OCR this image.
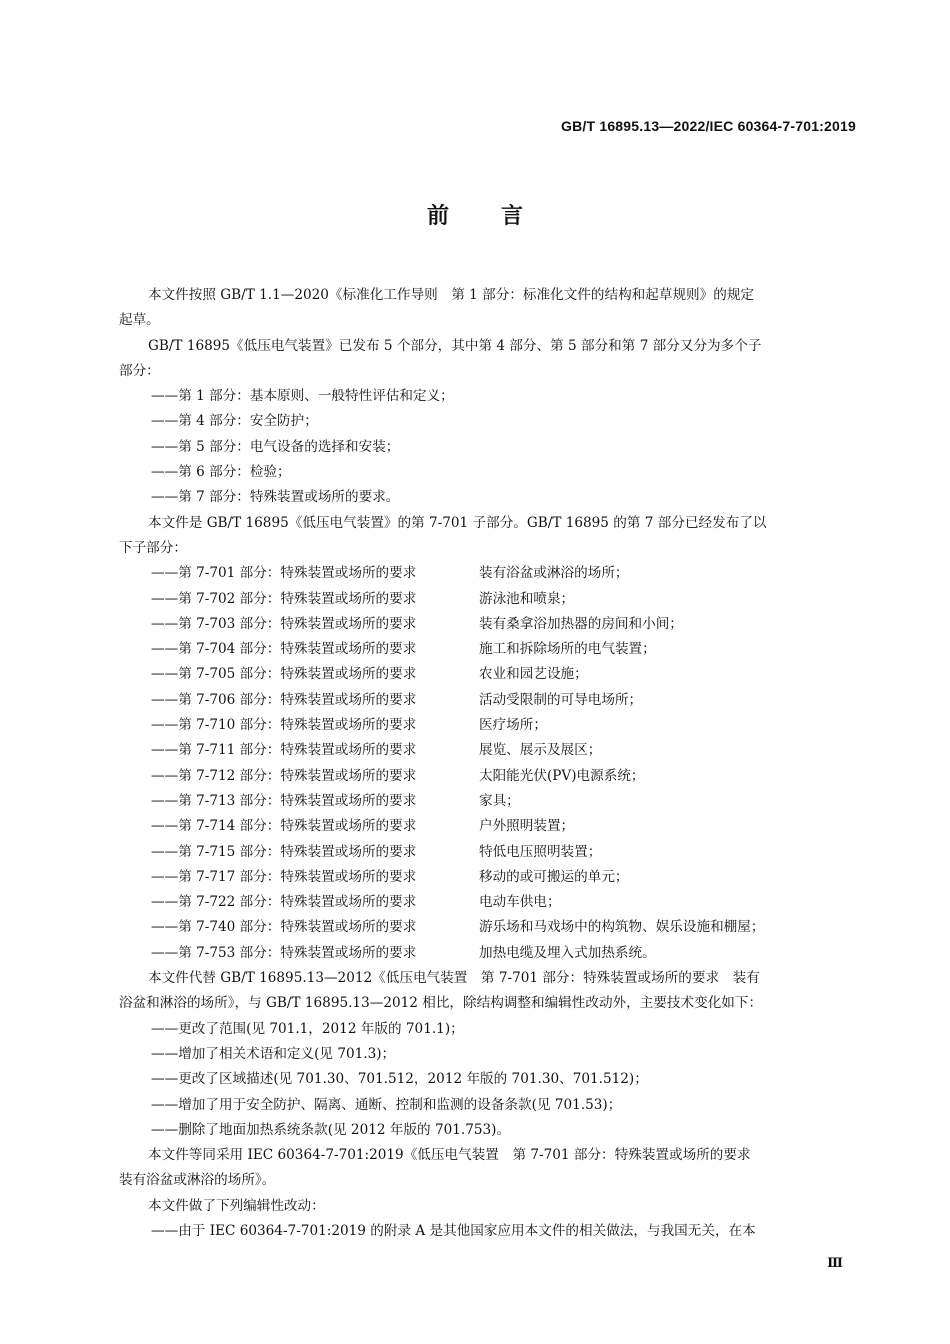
GB/T 16895.13—2022/IEC 60364-7-701:2019
前言
本文件按照 GB/T 1.1—2020《标准化工作导则　第 1 部分：标准化文件的结构和起草规则》的规定
起草。
GB/T 16895《低压电气装置》已发布 5 个部分，其中第 4 部分、第 5 部分和第 7 部分又分为多个子
部分：
——第 1 部分：基本原则、一般特性评估和定义；
——第 4 部分：安全防护；
——第 5 部分：电气设备的选择和安装；
——第 6 部分：检验；
——第 7 部分：特殊装置或场所的要求。
本文件是 GB/T 16895《低压电气装置》的第 7-701 子部分。GB/T 16895 的第 7 部分已经发布了以
下子部分：
——第 7-701 部分：特殊装置或场所的要求	装有浴盆或淋浴的场所；
——第 7-702 部分：特殊装置或场所的要求	游泳池和喷泉；
——第 7-703 部分：特殊装置或场所的要求	装有桑拿浴加热器的房间和小间；
——第 7-704 部分：特殊装置或场所的要求	施工和拆除场所的电气装置；
——第 7-705 部分：特殊装置或场所的要求	农业和园艺设施；
——第 7-706 部分：特殊装置或场所的要求	活动受限制的可导电场所；
——第 7-710 部分：特殊装置或场所的要求	医疗场所；
——第 7-711 部分：特殊装置或场所的要求	展览、展示及展区；
——第 7-712 部分：特殊装置或场所的要求	太阳能光伏(PV)电源系统；
——第 7-713 部分：特殊装置或场所的要求	家具；
——第 7-714 部分：特殊装置或场所的要求	户外照明装置；
——第 7-715 部分：特殊装置或场所的要求	特低电压照明装置；
——第 7-717 部分：特殊装置或场所的要求	移动的或可搬运的单元；
——第 7-722 部分：特殊装置或场所的要求	电动车供电；
——第 7-740 部分：特殊装置或场所的要求	游乐场和马戏场中的构筑物、娱乐设施和棚屋；
——第 7-753 部分：特殊装置或场所的要求	加热电缆及埋入式加热系统。
本文件代替 GB/T 16895.13—2012《低压电气装置　第 7-701 部分：特殊装置或场所的要求　装有
浴盆和淋浴的场所》，与 GB/T 16895.13—2012 相比，除结构调整和编辑性改动外，主要技术变化如下：
——更改了范围(见 701.1，2012 年版的 701.1)；
——增加了相关术语和定义(见 701.3)；
——更改了区域描述(见 701.30、701.512，2012 年版的 701.30、701.512)；
——增加了用于安全防护、隔离、通断、控制和监测的设备条款(见 701.53)；
——删除了地面加热系统条款(见 2012 年版的 701.753)。
本文件等同采用 IEC 60364-7-701:2019《低压电气装置　第 7-701 部分：特殊装置或场所的要求
装有浴盆或淋浴的场所》。
本文件做了下列编辑性改动：
——由于 IEC 60364-7-701:2019 的附录 A 是其他国家应用本文件的相关做法，与我国无关，在本
Ⅲ
